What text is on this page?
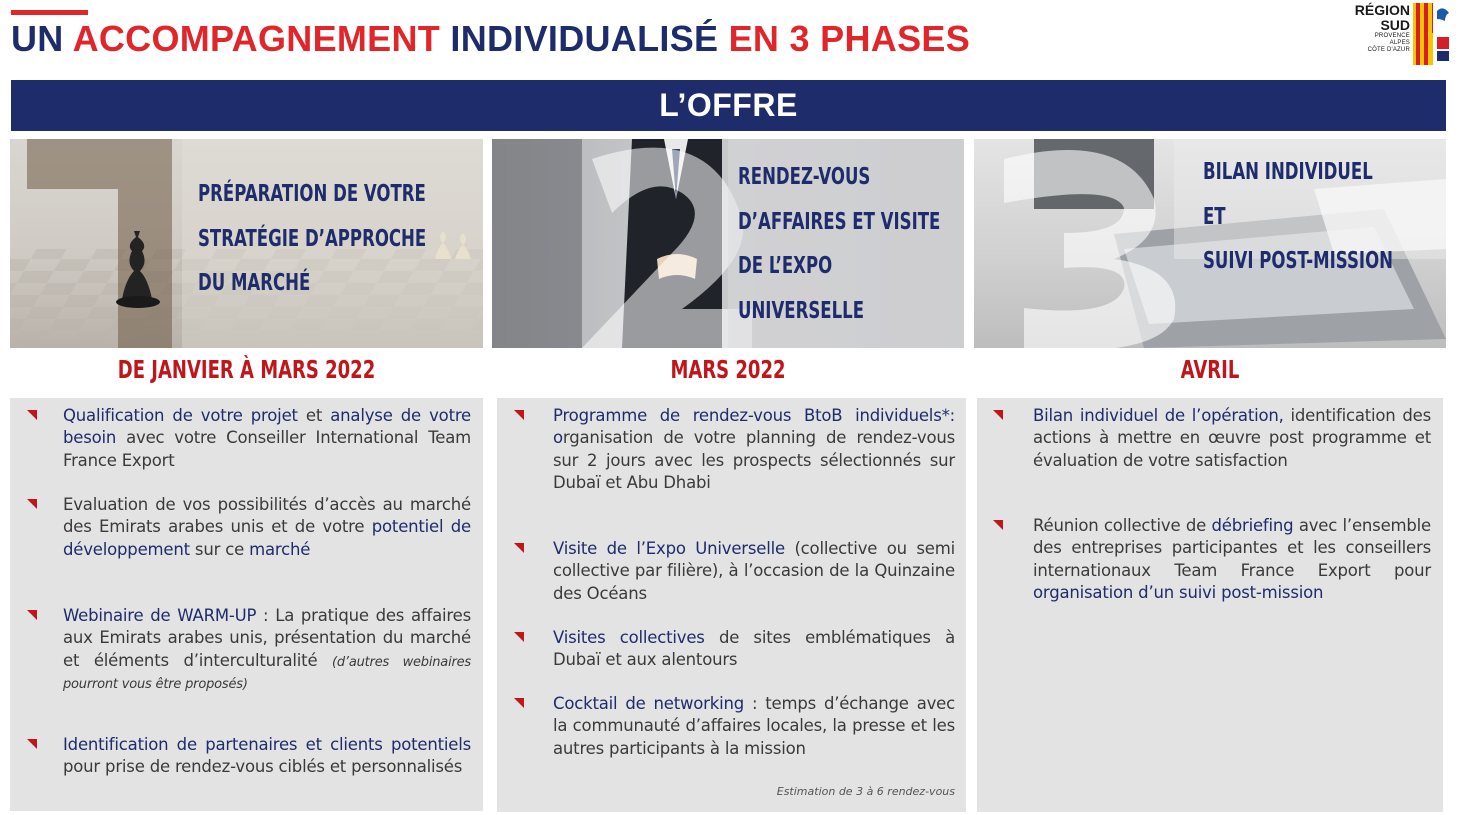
UN ACCOMPAGNEMENT INDIVIDUALISÉ EN 3 PHASES
RÉGION
SUD
PROVENCE
ALPES
CÔTE D'AZUR
L’OFFRE
PRÉPARATION DE VOTRE
STRATÉGIE D’APPROCHE
DU MARCHÉ
RENDEZ-VOUS
D’AFFAIRES ET VISITE
DE L’EXPO
UNIVERSELLE
BILAN INDIVIDUEL
ET
SUIVI POST-MISSION
DE JANVIER À MARS 2022	MARS 2022	AVRIL
Qualification de votre projet et analyse de votre besoin avec votre Conseiller International Team France Export
Evaluation de vos possibilités d’accès au marché des Emirats arabes unis et de votre potentiel de développement sur ce marché
Webinaire de WARM-UP : La pratique des affaires aux Emirats arabes unis, présentation du marché et éléments d’interculturalité (d’autres webinaires pourront vous être proposés)
Identification de partenaires et clients potentiels pour prise de rendez-vous ciblés et personnalisés
Programme de rendez-vous BtoB individuels*: organisation de votre planning de rendez-vous sur 2 jours avec les prospects sélectionnés sur Dubaï et Abu Dhabi
Visite de l’Expo Universelle (collective ou semi collective par filière), à l’occasion de la Quinzaine des Océans
Visites collectives de sites emblématiques à Dubaï et aux alentours
Cocktail de networking : temps d’échange avec la communauté d’affaires locales, la presse et les autres participants à la mission
Estimation de 3 à 6 rendez-vous
Bilan individuel de l’opération, identification des actions à mettre en œuvre post programme et évaluation de votre satisfaction
Réunion collective de débriefing avec l’ensemble des entreprises participantes et les conseillers internationaux Team France Export pour organisation d’un suivi post-mission
